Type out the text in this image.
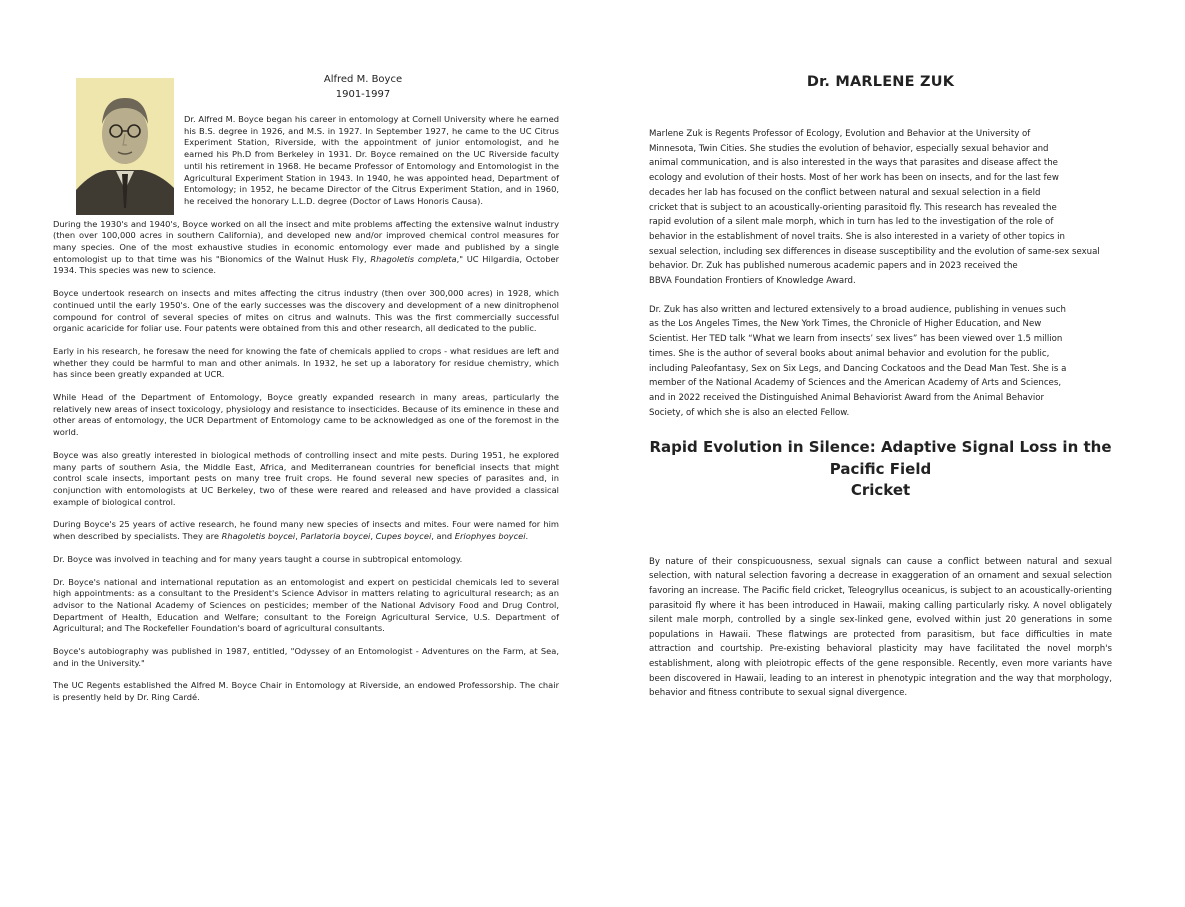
Alfred M. Boyce
1901-1997

Dr. Alfred M. Boyce began his career in entomology at Cornell University where he earned his B.S. degree in 1926, and M.S. in 1927. In September 1927, he came to the UC Citrus Experiment Station, Riverside, with the appointment of junior entomologist, and he earned his Ph.D from Berkeley in 1931. Dr. Boyce remained on the UC Riverside faculty until his retirement in 1968. He became Professor of Entomology and Entomologist in the Agricultural Experiment Station in 1943. In 1940, he was appointed head, Department of Entomology; in 1952, he became Director of the Citrus Experiment Station, and in 1960, he received the honorary L.L.D. degree (Doctor of Laws Honoris Causa).

During the 1930's and 1940's, Boyce worked on all the insect and mite problems affecting the extensive walnut industry (then over 100,000 acres in southern California), and developed new and/or improved chemical control measures for many species. One of the most exhaustive studies in economic entomology ever made and published by a single entomologist up to that time was his "Bionomics of the Walnut Husk Fly, Rhagoletis completa," UC Hilgardia, October 1934. This species was new to science.

Boyce undertook research on insects and mites affecting the citrus industry (then over 300,000 acres) in 1928, which continued until the early 1950's. One of the early successes was the discovery and development of a new dinitrophenol compound for control of several species of mites on citrus and walnuts. This was the first commercially successful organic acaricide for foliar use. Four patents were obtained from this and other research, all dedicated to the public.

Early in his research, he foresaw the need for knowing the fate of chemicals applied to crops - what residues are left and whether they could be harmful to man and other animals. In 1932, he set up a laboratory for residue chemistry, which has since been greatly expanded at UCR.

While Head of the Department of Entomology, Boyce greatly expanded research in many areas, particularly the relatively new areas of insect toxicology, physiology and resistance to insecticides. Because of its eminence in these and other areas of entomology, the UCR Department of Entomology came to be acknowledged as one of the foremost in the world.

Boyce was also greatly interested in biological methods of controlling insect and mite pests. During 1951, he explored many parts of southern Asia, the Middle East, Africa, and Mediterranean countries for beneficial insects that might control scale insects, important pests on many tree fruit crops. He found several new species of parasites and, in conjunction with entomologists at UC Berkeley, two of these were reared and released and have provided a classical example of biological control.

During Boyce's 25 years of active research, he found many new species of insects and mites. Four were named for him when described by specialists. They are Rhagoletis boycei, Parlatoria boycei, Cupes boycei, and Eriophyes boycei.

Dr. Boyce was involved in teaching and for many years taught a course in subtropical entomology.

Dr. Boyce's national and international reputation as an entomologist and expert on pesticidal chemicals led to several high appointments: as a consultant to the President's Science Advisor in matters relating to agricultural research; as an advisor to the National Academy of Sciences on pesticides; member of the National Advisory Food and Drug Control, Department of Health, Education and Welfare; consultant to the Foreign Agricultural Service, U.S. Department of Agricultural; and The Rockefeller Foundation's board of agricultural consultants.

Boyce's autobiography was published in 1987, entitled, "Odyssey of an Entomologist - Adventures on the Farm, at Sea, and in the University."

The UC Regents established the Alfred M. Boyce Chair in Entomology at Riverside, an endowed Professorship. The chair is presently held by Dr. Ring Cardé.

Dr. MARLENE ZUK
Marlene Zuk is Regents Professor of Ecology, Evolution and Behavior at the University of
Minnesota, Twin Cities. She studies the evolution of behavior, especially sexual behavior and
animal communication, and is also interested in the ways that parasites and disease affect the
ecology and evolution of their hosts. Most of her work has been on insects, and for the last few
decades her lab has focused on the conflict between natural and sexual selection in a field
cricket that is subject to an acoustically-orienting parasitoid fly. This research has revealed the
rapid evolution of a silent male morph, which in turn has led to the investigation of the role of
behavior in the establishment of novel traits. She is also interested in a variety of other topics in
sexual selection, including sex differences in disease susceptibility and the evolution of same-sex sexual
behavior. Dr. Zuk has published numerous academic papers and in 2023 received the
BBVA Foundation Frontiers of Knowledge Award.
Dr. Zuk has also written and lectured extensively to a broad audience, publishing in venues such
as the Los Angeles Times, the New York Times, the Chronicle of Higher Education, and New
Scientist. Her TED talk “What we learn from insects’ sex lives” has been viewed over 1.5 million
times. She is the author of several books about animal behavior and evolution for the public,
including Paleofantasy, Sex on Six Legs, and Dancing Cockatoos and the Dead Man Test. She is a
member of the National Academy of Sciences and the American Academy of Arts and Sciences,
and in 2022 received the Distinguished Animal Behaviorist Award from the Animal Behavior
Society, of which she is also an elected Fellow.
Rapid Evolution in Silence: Adaptive Signal Loss in the
Pacific Field
Cricket

By nature of their conspicuousness, sexual signals can cause a conflict between natural and sexual selection, with natural selection favoring a decrease in exaggeration of an ornament and sexual selection favoring an increase. The Pacific field cricket, Teleogryllus oceanicus, is subject to an acoustically-orienting parasitoid fly where it has been introduced in Hawaii, making calling particularly risky. A novel obligately silent male morph, controlled by a single sex-linked gene, evolved within just 20 generations in some populations in Hawaii. These flatwings are protected from parasitism, but face difficulties in mate attraction and courtship. Pre-existing behavioral plasticity may have facilitated the novel morph's establishment, along with pleiotropic effects of the gene responsible. Recently, even more variants have been discovered in Hawaii, leading to an interest in phenotypic integration and the way that morphology, behavior and fitness contribute to sexual signal divergence.
